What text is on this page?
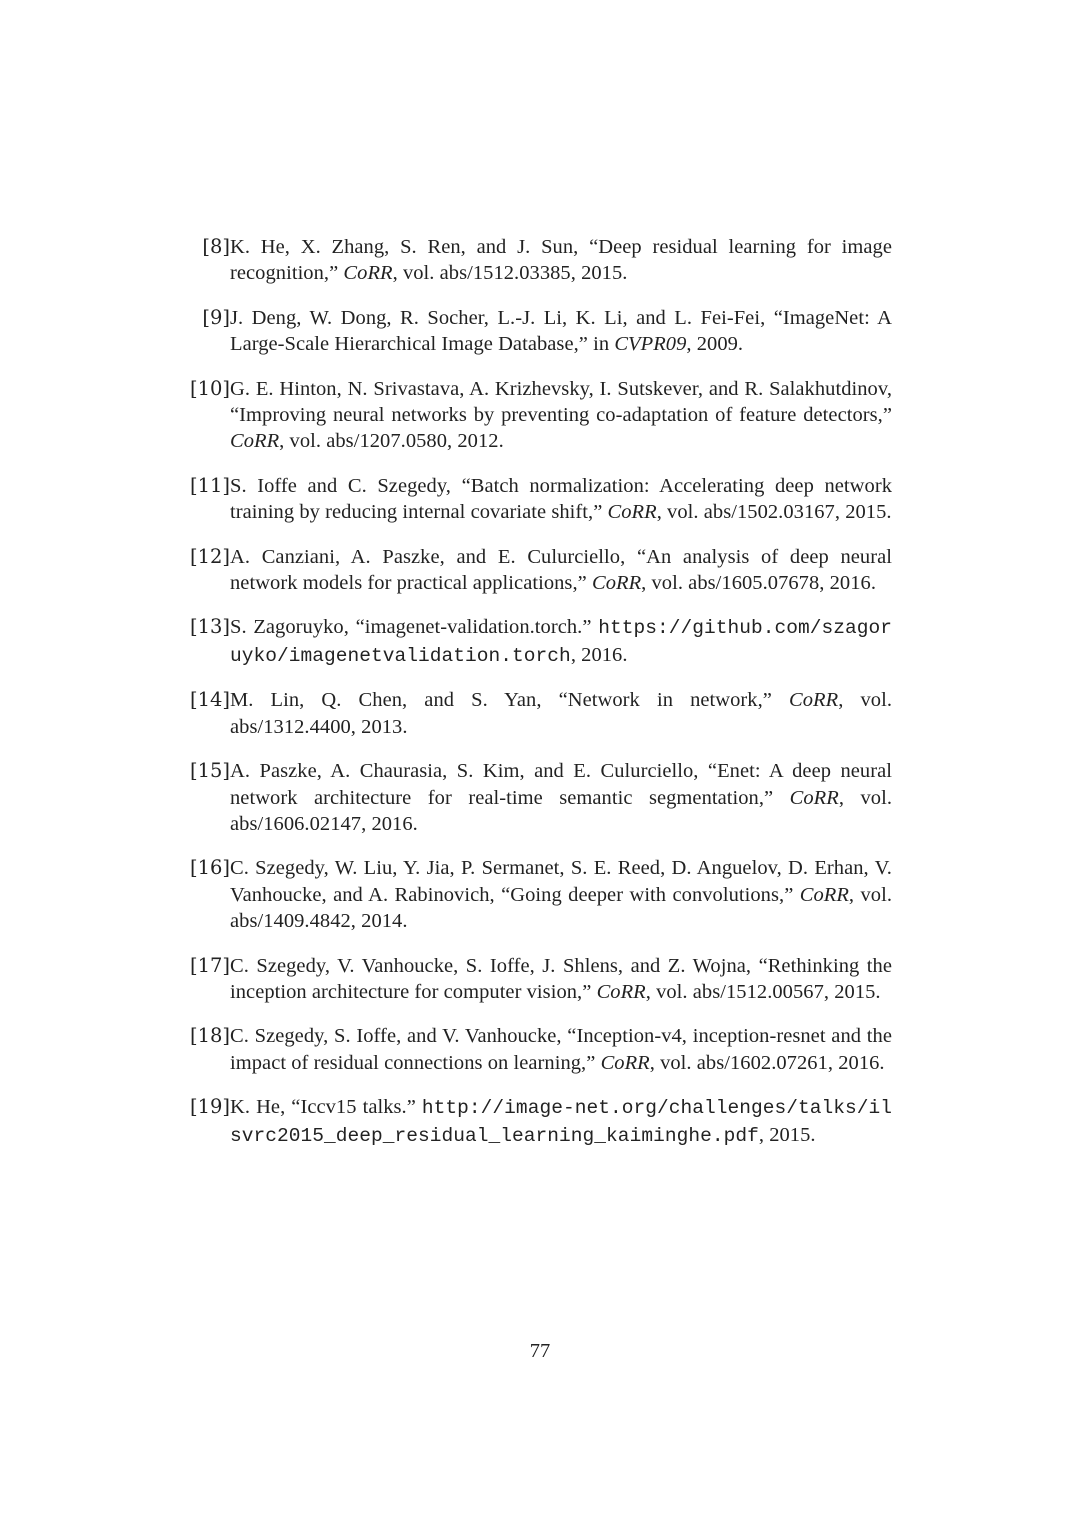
[8] K. He, X. Zhang, S. Ren, and J. Sun, “Deep residual learning for image recognition,” CoRR, vol. abs/1512.03385, 2015.
[9] J. Deng, W. Dong, R. Socher, L.-J. Li, K. Li, and L. Fei-Fei, “ImageNet: A Large-Scale Hierarchical Image Database,” in CVPR09, 2009.
[10] G. E. Hinton, N. Srivastava, A. Krizhevsky, I. Sutskever, and R. Salakhutdinov, “Improving neural networks by preventing co-adaptation of feature detectors,” CoRR, vol. abs/1207.0580, 2012.
[11] S. Ioffe and C. Szegedy, “Batch normalization: Accelerating deep network training by reducing internal covariate shift,” CoRR, vol. abs/1502.03167, 2015.
[12] A. Canziani, A. Paszke, and E. Culurciello, “An analysis of deep neural network models for practical applications,” CoRR, vol. abs/1605.07678, 2016.
[13] S. Zagoruyko, “imagenet-validation.torch.” https://github.com/szagoruyko/imagenetvalidation.torch, 2016.
[14] M. Lin, Q. Chen, and S. Yan, “Network in network,” CoRR, vol. abs/1312.4400, 2013.
[15] A. Paszke, A. Chaurasia, S. Kim, and E. Culurciello, “Enet: A deep neural network architecture for real-time semantic segmentation,” CoRR, vol. abs/1606.02147, 2016.
[16] C. Szegedy, W. Liu, Y. Jia, P. Sermanet, S. E. Reed, D. Anguelov, D. Erhan, V. Vanhoucke, and A. Rabinovich, “Going deeper with convolutions,” CoRR, vol. abs/1409.4842, 2014.
[17] C. Szegedy, V. Vanhoucke, S. Ioffe, J. Shlens, and Z. Wojna, “Rethinking the inception architecture for computer vision,” CoRR, vol. abs/1512.00567, 2015.
[18] C. Szegedy, S. Ioffe, and V. Vanhoucke, “Inception-v4, inception-resnet and the impact of residual connections on learning,” CoRR, vol. abs/1602.07261, 2016.
[19] K. He, “Iccv15 talks.” http://image-net.org/challenges/talks/ilsvrc2015_deep_residual_learning_kaiminghe.pdf, 2015.
77
